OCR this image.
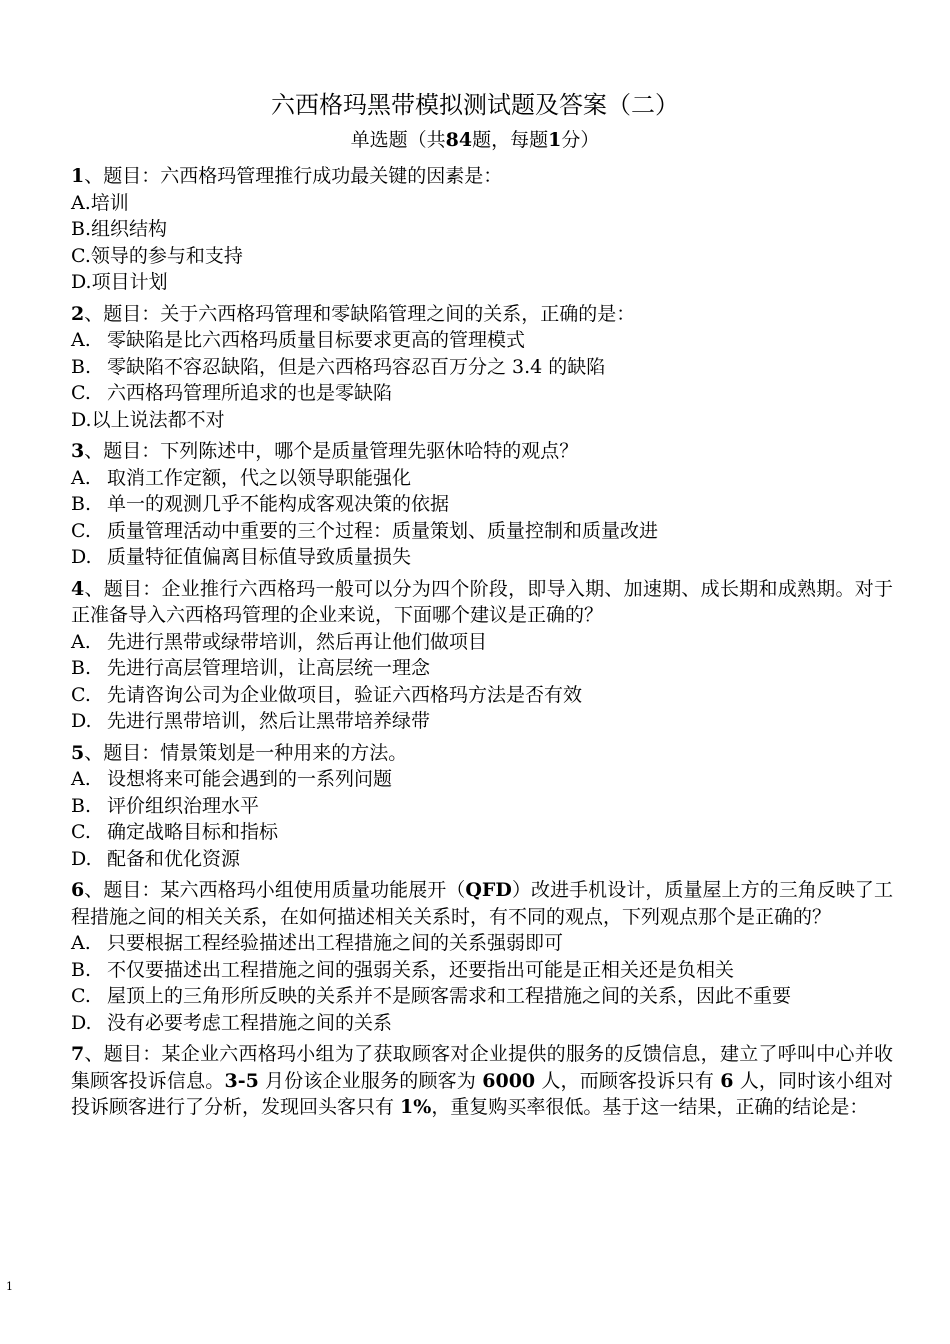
六西格玛黑带模拟测试题及答案（二）
单选题（共84题，每题1分）
1、题目：六西格玛管理推行成功最关键的因素是：
A.培训
B.组织结构
C.领导的参与和支持
D.项目计划
2、题目：关于六西格玛管理和零缺陷管理之间的关系，正确的是：
A. 零缺陷是比六西格玛质量目标要求更高的管理模式
B. 零缺陷不容忍缺陷，但是六西格玛容忍百万分之 3.4 的缺陷
C. 六西格玛管理所追求的也是零缺陷
D.以上说法都不对
3、题目：下列陈述中，哪个是质量管理先驱休哈特的观点？
A. 取消工作定额，代之以领导职能强化
B. 单一的观测几乎不能构成客观决策的依据
C. 质量管理活动中重要的三个过程：质量策划、质量控制和质量改进
D. 质量特征值偏离目标值导致质量损失
4、题目：企业推行六西格玛一般可以分为四个阶段，即导入期、加速期、成长期和成熟期。对于正准备导入六西格玛管理的企业来说，下面哪个建议是正确的？
A. 先进行黑带或绿带培训，然后再让他们做项目
B. 先进行高层管理培训，让高层统一理念
C. 先请咨询公司为企业做项目，验证六西格玛方法是否有效
D. 先进行黑带培训，然后让黑带培养绿带
5、题目：情景策划是一种用来的方法。
A. 设想将来可能会遇到的一系列问题
B. 评价组织治理水平
C. 确定战略目标和指标
D. 配备和优化资源
6、题目：某六西格玛小组使用质量功能展开（QFD）改进手机设计，质量屋上方的三角反映了工程措施之间的相关关系，在如何描述相关关系时，有不同的观点，下列观点那个是正确的？
A. 只要根据工程经验描述出工程措施之间的关系强弱即可
B. 不仅要描述出工程措施之间的强弱关系，还要指出可能是正相关还是负相关
C. 屋顶上的三角形所反映的关系并不是顾客需求和工程措施之间的关系，因此不重要
D. 没有必要考虑工程措施之间的关系
7、题目：某企业六西格玛小组为了获取顾客对企业提供的服务的反馈信息，建立了呼叫中心并收集顾客投诉信息。3-5 月份该企业服务的顾客为 6000 人，而顾客投诉只有 6 人，同时该小组对投诉顾客进行了分析，发现回头客只有 1%，重复购买率很低。基于这一结果，正确的结论是：
1
